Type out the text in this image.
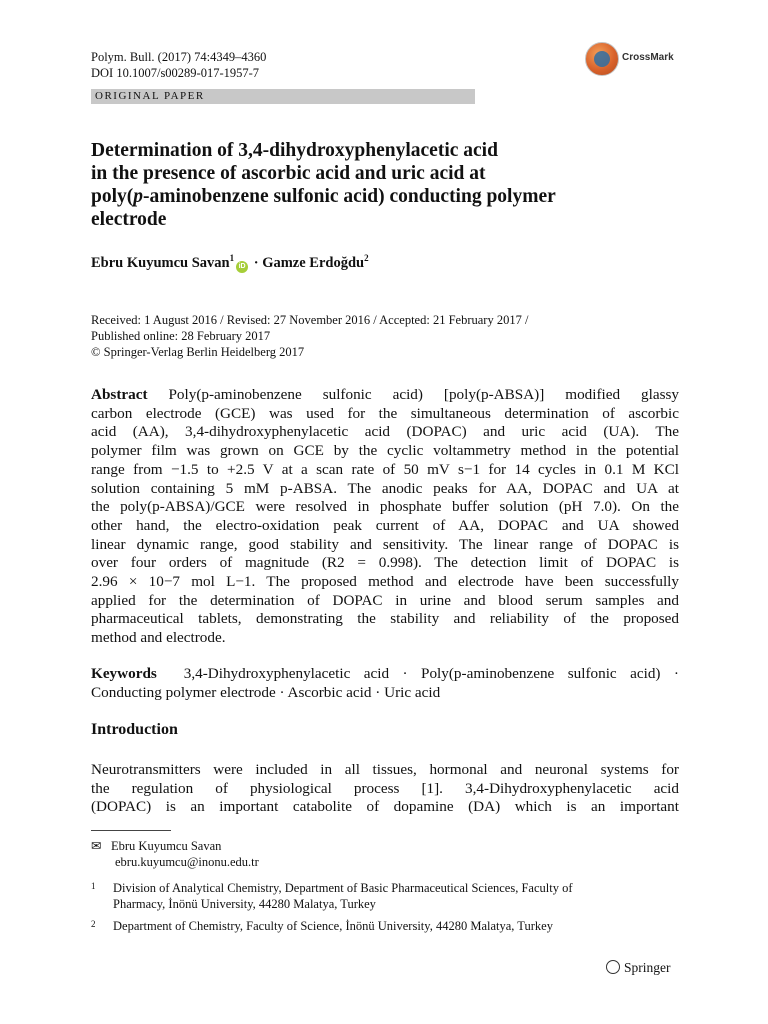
Polym. Bull. (2017) 74:4349–4360
DOI 10.1007/s00289-017-1957-7
CrossMark
ORIGINAL PAPER
Determination of 3,4-dihydroxyphenylacetic acid
in the presence of ascorbic acid and uric acid at
poly(p-aminobenzene sulfonic acid) conducting polymer
electrode
Ebru Kuyumcu Savan$^1$iD · Gamze Erdoğdu$^2$
Received: 1 August 2016 / Revised: 27 November 2016 / Accepted: 21 February 2017 /
Published online: 28 February 2017
© Springer-Verlag Berlin Heidelberg 2017
Abstract Poly(p-aminobenzene sulfonic acid) [poly(p-ABSA)] modified glassy
carbon electrode (GCE) was used for the simultaneous determination of ascorbic
acid (AA), 3,4-dihydroxyphenylacetic acid (DOPAC) and uric acid (UA). The
polymer film was grown on GCE by the cyclic voltammetry method in the potential
range from −1.5 to +2.5 V at a scan rate of 50 mV s−1 for 14 cycles in 0.1 M KCl
solution containing 5 mM p-ABSA. The anodic peaks for AA, DOPAC and UA at
the poly(p-ABSA)/GCE were resolved in phosphate buffer solution (pH 7.0). On the
other hand, the electro-oxidation peak current of AA, DOPAC and UA showed
linear dynamic range, good stability and sensitivity. The linear range of DOPAC is
over four orders of magnitude (R2 = 0.998). The detection limit of DOPAC is
2.96 × 10−7 mol L−1. The proposed method and electrode have been successfully
applied for the determination of DOPAC in urine and blood serum samples and
pharmaceutical tablets, demonstrating the stability and reliability of the proposed
method and electrode.
Keywords 3,4-Dihydroxyphenylacetic acid · Poly(p-aminobenzene sulfonic acid) ·
Conducting polymer electrode · Ascorbic acid · Uric acid
Introduction
Neurotransmitters were included in all tissues, hormonal and neuronal systems for
the regulation of physiological process [1]. 3,4-Dihydroxyphenylacetic acid
(DOPAC) is an important catabolite of dopamine (DA) which is an important
✉ Ebru Kuyumcu Savan
ebru.kuyumcu@inonu.edu.tr
1 Division of Analytical Chemistry, Department of Basic Pharmaceutical Sciences, Faculty of
Pharmacy, İnönü University, 44280 Malatya, Turkey
2 Department of Chemistry, Faculty of Science, İnönü University, 44280 Malatya, Turkey
Springer
